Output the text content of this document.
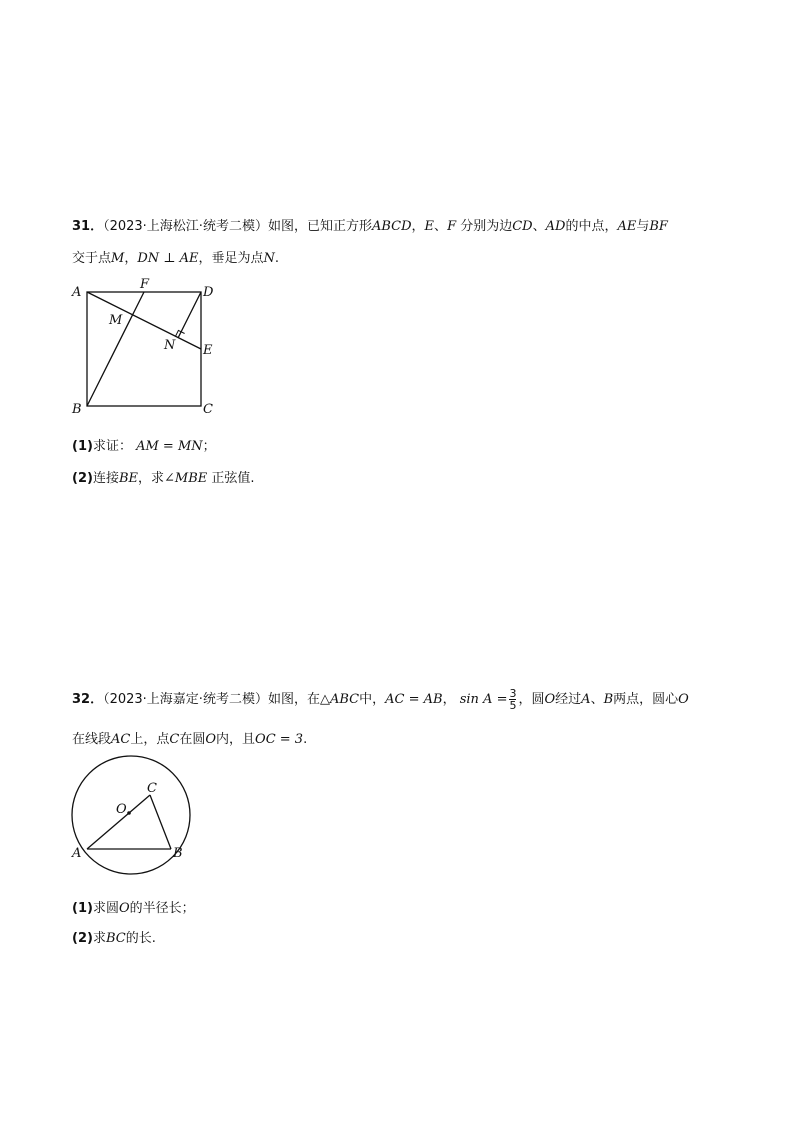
31．（2023·上海松江·统考二模）如图，已知正方形ABCD，E、F 分别为边CD、AD的中点，AE与BF
交于点M，DN ⊥ AE，垂足为点N.
A
F
D
M
N E
B	C
(1)求证： AM = MN；
(2)连接BE，求∠MBE 正弦值.
32．（2023·上海嘉定·统考二模）如图，在△ABC中，AC = AB， $\sin A = \frac{3}{5}$ ，圆O经过A、B两点，圆心O
在线段AC上，点C在圆O内，且OC = 3.
C
O
A	B
(1)求圆O的半径长；
(2)求BC的长.
